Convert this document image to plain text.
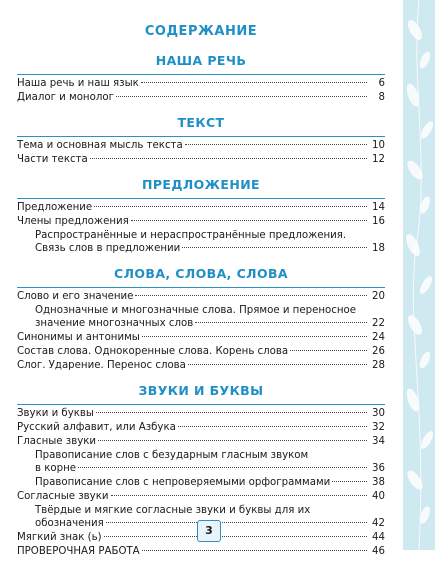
СОДЕРЖАНИЕ
НАША РЕЧЬ
Наша речь и наш язык	6
Диалог и монолог	8
ТЕКСТ
Тема и основная мысль текста	10
Части текста	12
ПРЕДЛОЖЕНИЕ
Предложение	14
Члены предложения	16
Распространённые и нераспространённые предложения.
Связь слов в предложении	18
СЛОВА, СЛОВА, СЛОВА
Слово и его значение	20
Однозначные и многозначные слова. Прямое и переносное
значение многозначных слов	22
Синонимы и антонимы	24
Состав слова. Однокоренные слова. Корень слова	26
Слог. Ударение. Перенос слова	28
ЗВУКИ И БУКВЫ
Звуки и буквы	30
Русский алфавит, или Азбука	32
Гласные звуки	34
Правописание слов с безударным гласным звуком
в корне	36
Правописание слов с непроверяемыми орфограммами	38
Согласные звуки	40
Твёрдые и мягкие согласные звуки и буквы для их
обозначения	42
Мягкий знак (ь)	44
ПРОВЕРОЧНАЯ РАБОТА	46
3
